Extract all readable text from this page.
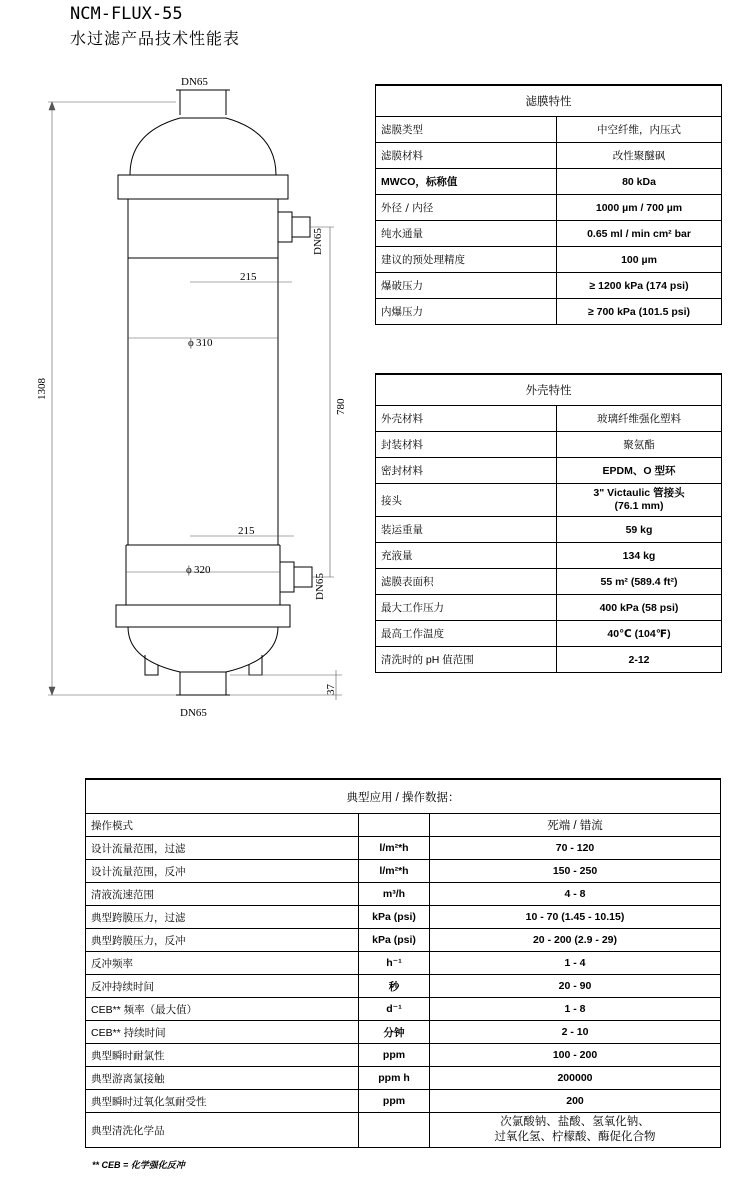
NCM-FLUX-55
水过滤产品技术性能表
DN65
DN65
215
ϕ 310
1308
780
215
ϕ 320
DN65
37
DN65
滤膜特性	
滤膜类型	中空纤维，内压式
滤膜材料	改性聚醚砜
MWCO，标称值	80 kDa
外径 / 内径	1000 µm / 700 µm
纯水通量	0.65 ml / min cm² bar
建议的预处理精度	100 µm
爆破压力	≥ 1200 kPa (174 psi)
内爆压力	≥ 700 kPa (101.5 psi)
外壳特性	
外壳材料	玻璃纤维强化塑料
封装材料	聚氨酯
密封材料	EPDM、O 型环
接头	3" Victaulic 管接头
(76.1 mm)

装运重量	59 kg
充液量	134 kg
滤膜表面积	55 m² (589.4 ft²)
最大工作压力	400 kPa (58 psi)
最高工作温度	40℃ (104℉)
清洗时的 pH 值范围	2-12
典型应用 / 操作数据：		
操作模式		死端 / 错流
设计流量范围，过滤	l/m²*h	70 - 120
设计流量范围，反冲	l/m²*h	150 - 250
清液流速范围	m³/h	4 - 8
典型跨膜压力，过滤	kPa (psi)	10 - 70 (1.45 - 10.15)
典型跨膜压力，反冲	kPa (psi)	20 - 200 (2.9 - 29)
反冲频率	h⁻¹	1 - 4
反冲持续时间	秒	20 - 90
CEB** 频率（最大值）	d⁻¹	1 - 8
CEB** 持续时间	分钟	2 - 10
典型瞬时耐氯性	ppm	100 - 200
典型游离氯接触	ppm h	200000
典型瞬时过氧化氢耐受性	ppm	200
典型清洗化学品		次氯酸钠、盐酸、氢氧化钠、
过氧化氢、柠檬酸、酶促化合物
** CEB = 化学强化反冲
